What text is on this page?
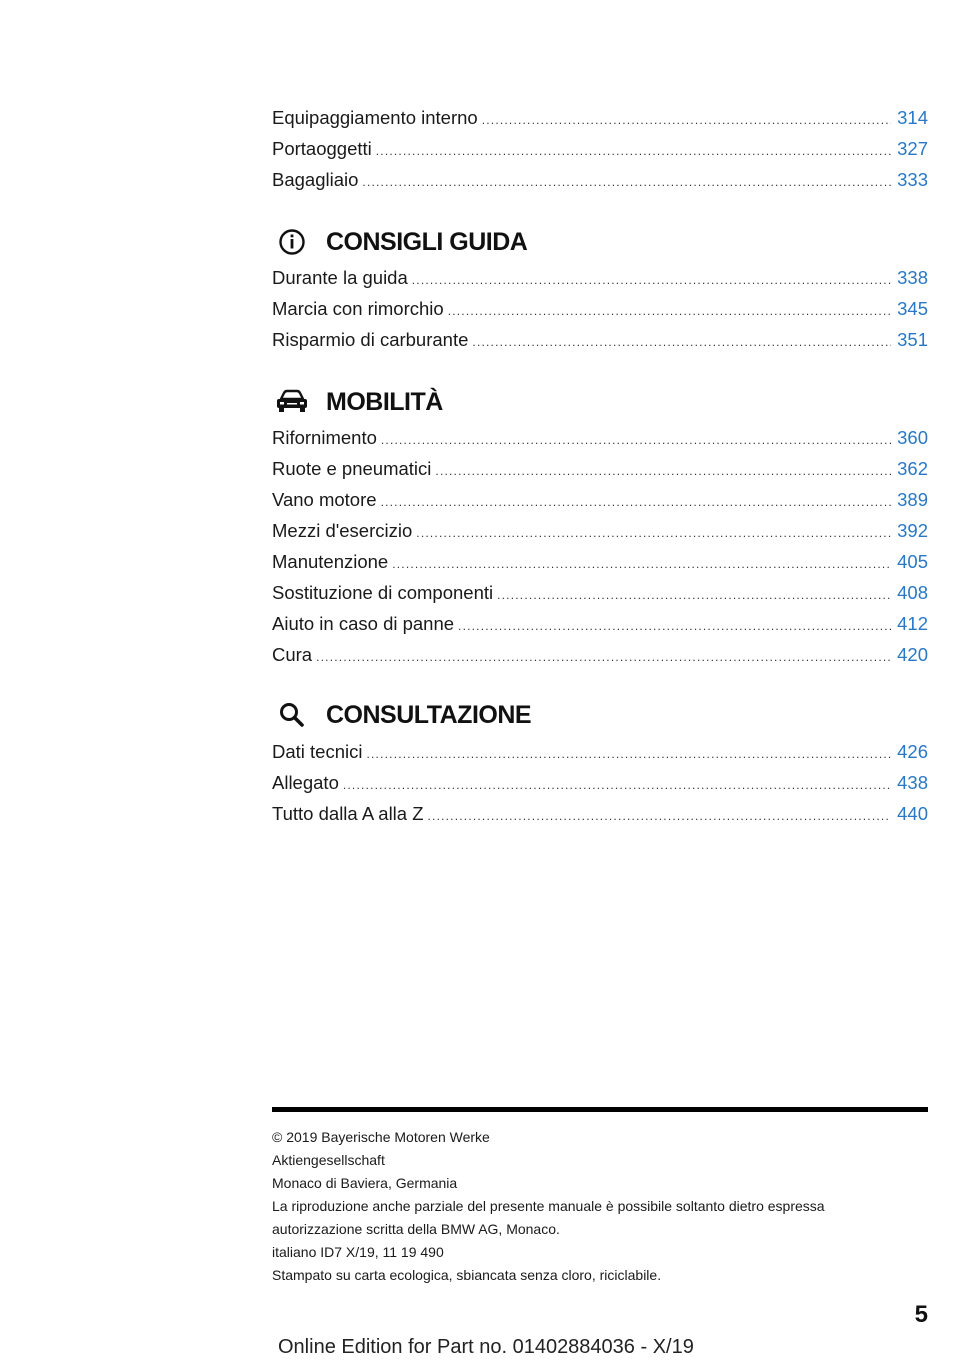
Equipaggiamento interno .....	314
Portaoggetti .....	327
Bagagliaio .....	333
CONSIGLI GUIDA
Durante la guida .....	338
Marcia con rimorchio .....	345
Risparmio di carburante .....	351
MOBILITÀ
Rifornimento .....	360
Ruote e pneumatici .....	362
Vano motore .....	389
Mezzi d'esercizio .....	392
Manutenzione .....	405
Sostituzione di componenti .....	408
Aiuto in caso di panne .....	412
Cura .....	420
CONSULTAZIONE
Dati tecnici .....	426
Allegato .....	438
Tutto dalla A alla Z .....	440
© 2019 Bayerische Motoren Werke
Aktiengesellschaft
Monaco di Baviera, Germania
La riproduzione anche parziale del presente manuale è possibile soltanto dietro espressa
autorizzazione scritta della BMW AG, Monaco.
italiano ID7 X/19, 11 19 490
Stampato su carta ecologica, sbiancata senza cloro, riciclabile.
5
Online Edition for Part no. 01402884036 - X/19
